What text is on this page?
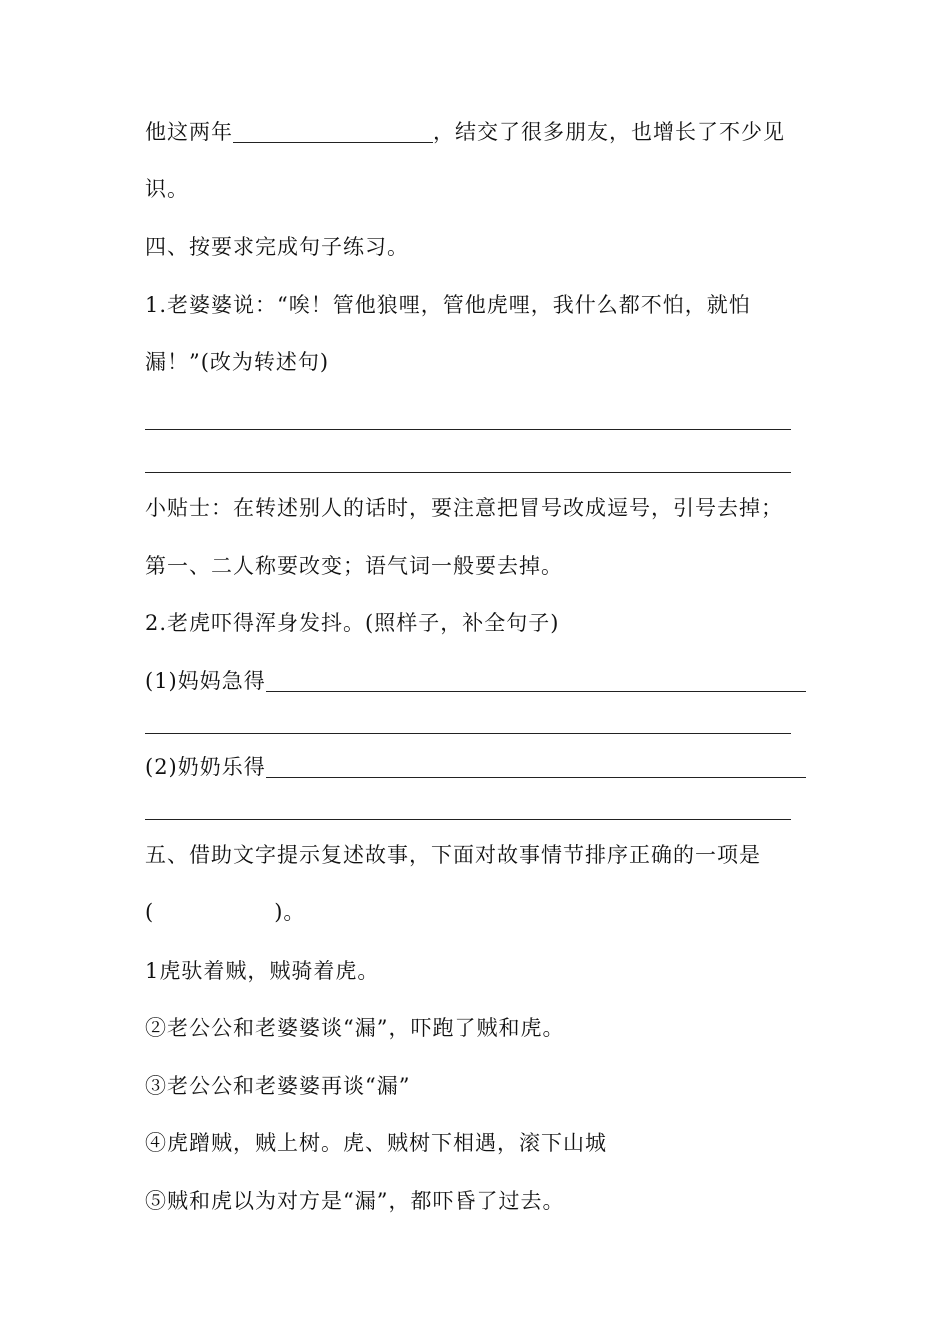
他这两年	，结交了很多朋友，也增长了不少见
识。
四、按要求完成句子练习。
1.老婆婆说：“唉！管他狼哩，管他虎哩，我什么都不怕，就怕
漏！”(改为转述句)
小贴士：在转述别人的话时，要注意把冒号改成逗号，引号去掉；
第一、二人称要改变；语气词一般要去掉。
2.老虎吓得浑身发抖。(照样子，补全句子)
(1)妈妈急得
(2)奶奶乐得
五、借助文字提示复述故事，下面对故事情节排序正确的一项是
(	)。
1虎驮着贼，贼骑着虎。
②老公公和老婆婆谈“漏”，吓跑了贼和虎。
③老公公和老婆婆再谈“漏”
④虎蹭贼，贼上树。虎、贼树下相遇，滚下山城
⑤贼和虎以为对方是“漏”，都吓昏了过去。
